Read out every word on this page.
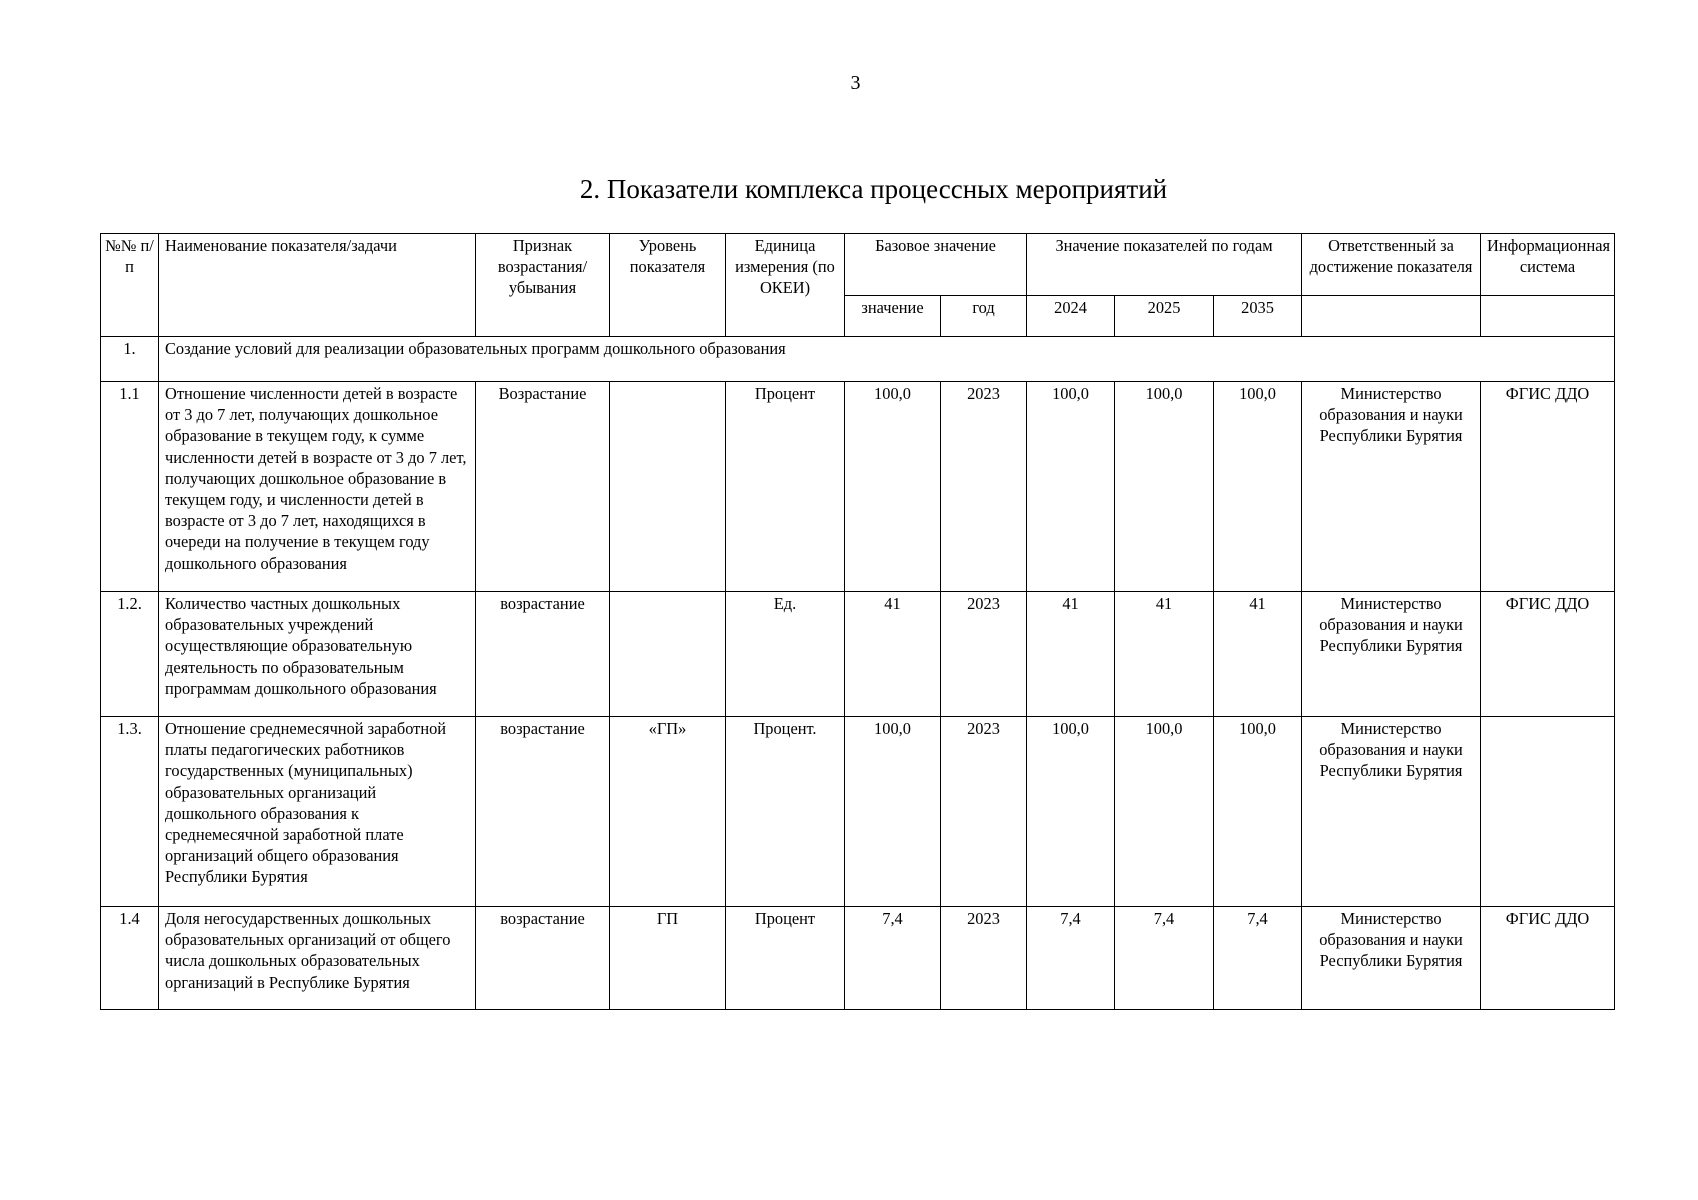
3
2. Показатели комплекса процессных мероприятий
№№ п/п	Наименование показателя/задачи	Признак возрастания/ убывания	Уровень показателя	Единица измерения (по ОКЕИ)	Базовое значение		Значение показателей по годам			Ответственный за достижение показателя	Информационная система
					значение	год	2024	2025	2035		
1.	Создание условий для реализации образовательных программ дошкольного образования										
1.1	Отношение численности детей в возрасте от 3 до 7 лет, получающих дошкольное образование в текущем году, к сумме численности детей в возрасте от 3 до 7 лет, получающих дошкольное образование в текущем году, и численности детей в возрасте от 3 до 7 лет, находящихся в очереди на получение в текущем году дошкольного образования	Возрастание		Процент	100,0	2023	100,0	100,0	100,0	Министерство образования и науки Республики Бурятия	ФГИС ДДО
1.2.	Количество частных дошкольных образовательных учреждений осуществляющие образовательную деятельность по образовательным программам дошкольного образования	возрастание		Ед.	41	2023	41	41	41	Министерство образования и науки Республики Бурятия	ФГИС ДДО
1.3.	Отношение среднемесячной заработной платы педагогических работников государственных (муниципальных) образовательных организаций дошкольного образования к среднемесячной заработной плате организаций общего образования Республики Бурятия	возрастание	«ГП»	Процент.	100,0	2023	100,0	100,0	100,0	Министерство образования и науки Республики Бурятия	
1.4	Доля негосударственных дошкольных образовательных организаций от общего числа дошкольных образовательных организаций в Республике Бурятия	возрастание	ГП	Процент	7,4	2023	7,4	7,4	7,4	Министерство образования и науки Республики Бурятия	ФГИС ДДО
